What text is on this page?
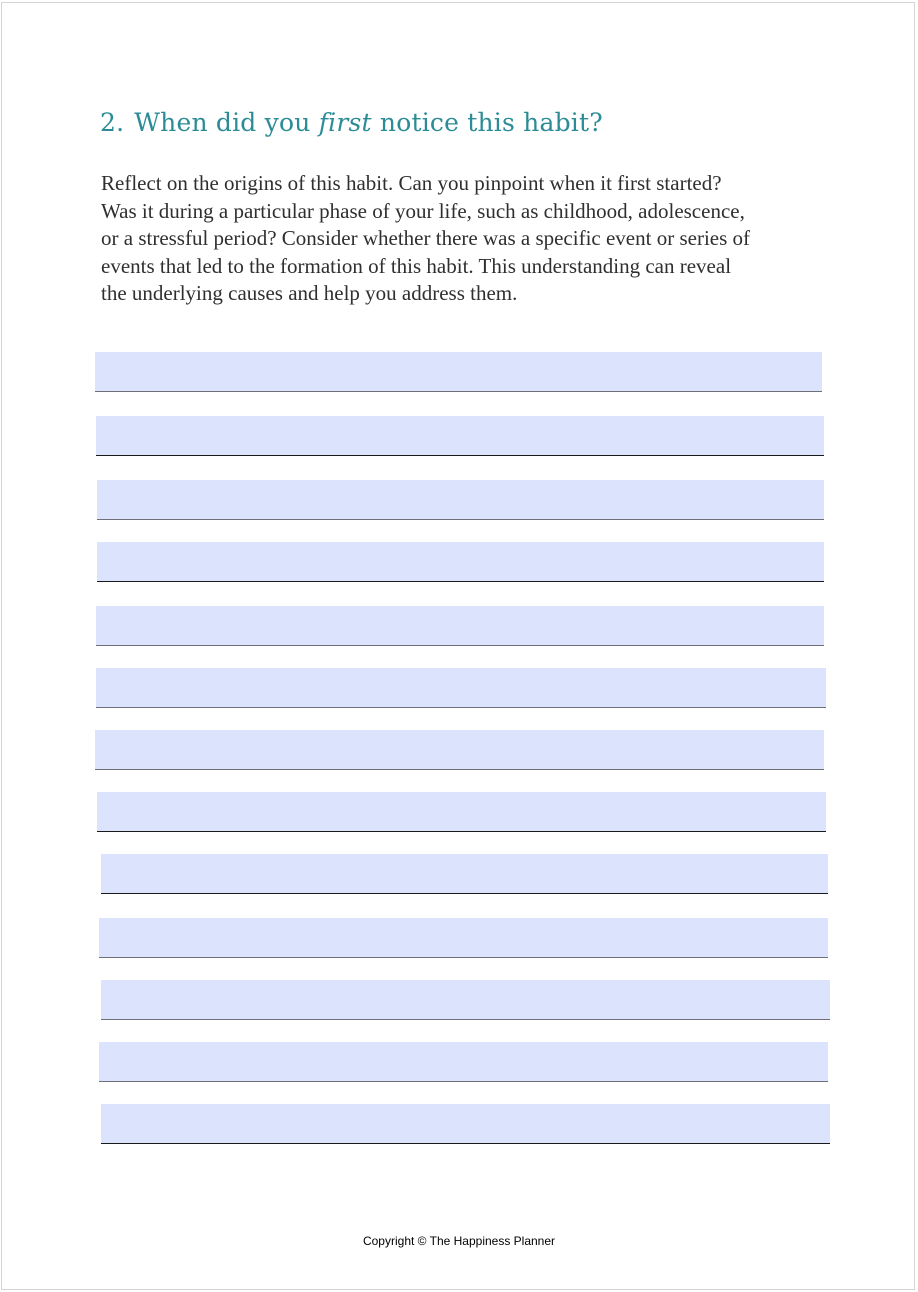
2. When did you first notice this habit?

Reflect on the origins of this habit. Can you pinpoint when it first started?
Was it during a particular phase of your life, such as childhood, adolescence,
or a stressful period? Consider whether there was a specific event or series of
events that led to the formation of this habit. This understanding can reveal
the underlying causes and help you address them.

Copyright © The Happiness Planner
